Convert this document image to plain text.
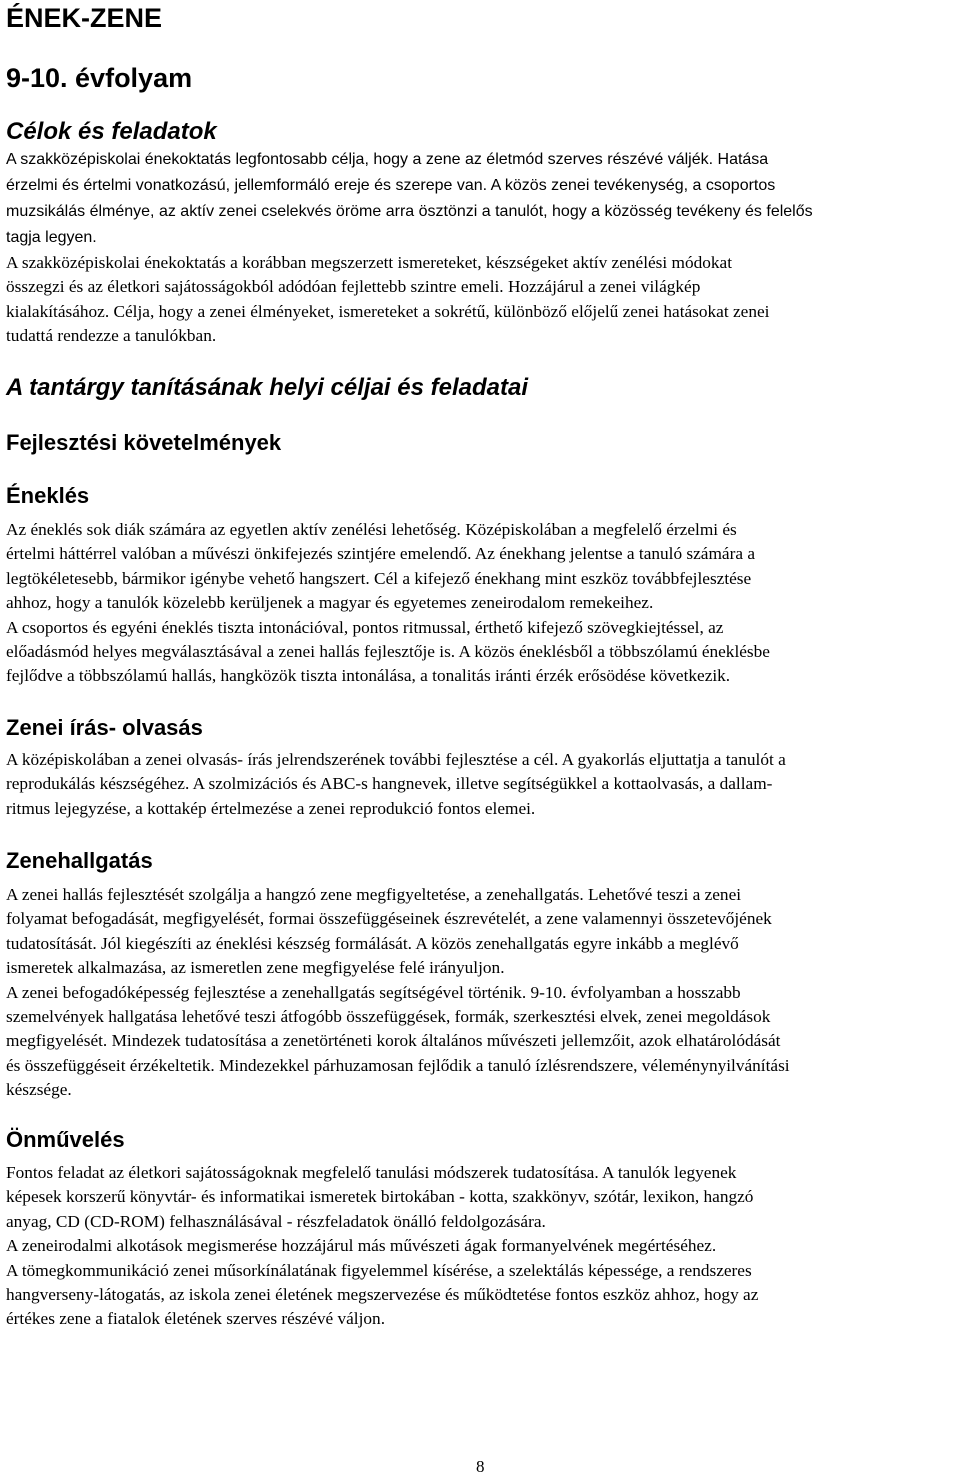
ÉNEK-ZENE
9-10. évfolyam
Célok és feladatok
A szakközépiskolai énekoktatás legfontosabb célja, hogy a zene az életmód szerves részévé váljék. Hatása
érzelmi és értelmi vonatkozású, jellemformáló ereje és szerepe van. A közös zenei tevékenység, a csoportos
muzsikálás élménye, az aktív zenei cselekvés öröme arra ösztönzi a tanulót, hogy a közösség tevékeny és felelős
tagja legyen.
A szakközépiskolai énekoktatás a korábban megszerzett ismereteket, készségeket aktív zenélési módokat
összegzi és az életkori sajátosságokból adódóan fejlettebb szintre emeli. Hozzájárul a zenei világkép
kialakításához. Célja, hogy a zenei élményeket, ismereteket a sokrétű, különböző előjelű zenei hatásokat zenei
tudattá rendezze a tanulókban.
A tantárgy tanításának helyi céljai és feladatai
Fejlesztési követelmények
Éneklés
Az éneklés sok diák számára az egyetlen aktív zenélési lehetőség. Középiskolában a megfelelő érzelmi és
értelmi háttérrel valóban a művészi önkifejezés szintjére emelendő. Az énekhang jelentse a tanuló számára a
legtökéletesebb, bármikor igénybe vehető hangszert. Cél a kifejező énekhang mint eszköz továbbfejlesztése
ahhoz, hogy a tanulók közelebb kerüljenek a magyar és egyetemes zeneirodalom remekeihez.
A csoportos és egyéni éneklés tiszta intonációval, pontos ritmussal, érthető kifejező szövegkiejtéssel, az
előadásmód helyes megválasztásával a zenei hallás fejlesztője is. A közös éneklésből a többszólamú éneklésbe
fejlődve a többszólamú hallás, hangközök tiszta intonálása, a tonalitás iránti érzék erősödése következik.
Zenei írás- olvasás
A középiskolában a zenei olvasás- írás jelrendszerének további fejlesztése a cél. A gyakorlás eljuttatja a tanulót a
reprodukálás készségéhez. A szolmizációs és ABC-s hangnevek, illetve segítségükkel a kottaolvasás, a dallam-
ritmus lejegyzése, a kottakép értelmezése a zenei reprodukció fontos elemei.
Zenehallgatás
A zenei hallás fejlesztését szolgálja a hangzó zene megfigyeltetése, a zenehallgatás. Lehetővé teszi a zenei
folyamat befogadását, megfigyelését, formai összefüggéseinek észrevételét, a zene valamennyi összetevőjének
tudatosítását. Jól kiegészíti az éneklési készség formálását. A közös zenehallgatás egyre inkább a meglévő
ismeretek alkalmazása, az ismeretlen zene megfigyelése felé irányuljon.
A zenei befogadóképesség fejlesztése a zenehallgatás segítségével történik. 9-10. évfolyamban a hosszabb
szemelvények hallgatása lehetővé teszi átfogóbb összefüggések, formák, szerkesztési elvek, zenei megoldások
megfigyelését. Mindezek tudatosítása a zenetörténeti korok általános művészeti jellemzőit, azok elhatárolódását
és összefüggéseit érzékeltetik. Mindezekkel párhuzamosan fejlődik a tanuló ízlésrendszere, véleménynyilvánítási
készsége.
Önművelés
Fontos feladat az életkori sajátosságoknak megfelelő tanulási módszerek tudatosítása. A tanulók legyenek
képesek korszerű könyvtár- és informatikai ismeretek birtokában - kotta, szakkönyv, szótár, lexikon, hangzó
anyag, CD (CD-ROM) felhasználásával - részfeladatok önálló feldolgozására.
A zeneirodalmi alkotások megismerése hozzájárul más művészeti ágak formanyelvének megértéséhez.
A tömegkommunikáció zenei műsorkínálatának figyelemmel kísérése, a szelektálás képessége, a rendszeres
hangverseny-látogatás, az iskola zenei életének megszervezése és működtetése fontos eszköz ahhoz, hogy az
értékes zene a fiatalok életének szerves részévé váljon.
8
